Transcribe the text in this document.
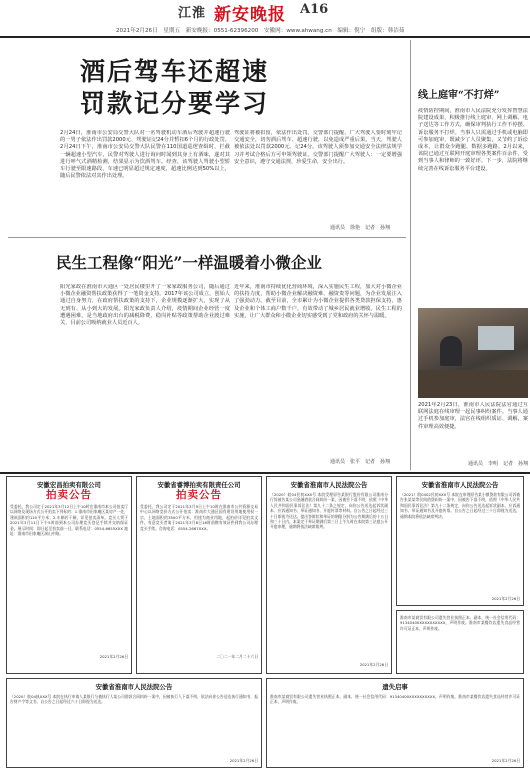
江淮 新安晚报 A16
2021年2月26日　星期五　新安晚报：0551-62396200　安徽网：www.ahwang.cn　编辑：倪宁　组版：韩洁茹
酒后驾车还超速
罚款记分要学习
2月24日，淮南市公安局交警大队对一名驾驶机动车酒后驾驶并超速行驶的一男子依法作出罚款2000元、驾驶证记24分并暂扣6个月的行政处罚。2月24日下午，淮南市公安局交警大队民警在110国道巡逻查缉时，拦截一辆超速小型汽车，民警对驾驶人进行询问时闻到其身上有酒味，遂对其进行呼气式酒精检测，结果显示为饮酒驾车。经查，该驾驶人驾驶小型轿车行驶至限速路段，车速已明显超过规定速度，超速比例达到50%以上，随后民警依法对其作出处理。
驾驶证将被扣留，依法作出处罚。交警部门提醒，广大驾驶人要时刻牢记交通安全，切勿酒后驾车、超速行驶，以免造成严重后果。当天，驾驶人被依法处以罚款2000元、记24分。该驾驶人须参加交通安全法律法规学习并考试合格后方可申领驾驶证。交警部门提醒广大驾驶人：一定要增强安全意识，遵守交通法规，珍爱生命，安全出行。
通讯员　徐艳　记者　孙翔
民生工程像“阳光”一样温暖着小微企业
阳光家政在淮南市大通区一处居民楼里开了一家家政服务公司，随后通过小微企业融资帮扶政策获得了一笔资金支持。2017年该公司成立，创始人通过自身努力，在政府帮扶政策的支持下，企业规模逐渐扩大，实现了从无到有、从小到大的发展。阳光家政负责人介绍，疫情期间企业经营一度遭遇困难，是当地政府出台的减税降费、稳岗补贴等政策帮助企业渡过难关，目前公司吸纳就业人员近百人。
近年来，淮南市持续优化营商环境，深入实施民生工程，加大对小微企业的扶持力度，帮助小微企业解决融资难、融资贵等问题，为企业发展注入了强劲动力。截至目前，全市累计为小微企业提供各类贷款担保支持，惠及企业和个体工商户数千户，有效带动了城乡居民就业增收。民生工程的实施，让广大群众和小微企业切实感受到了党和政府的关怀与温暖。
通讯员　张平　记者　孙翔
线上庭审“不打烊”
疫情防控期间，淮南市人民法院充分发挥智慧法院建设成果，积极推行线上庭审、网上调解、电子送达等工作方式，确保审判执行工作不停摆、诉讼服务不打烊。当事人只需通过手机或电脑即可参加庭审，既减少了人员聚集，又节约了诉讼成本，让群众少跑腿、数据多跑路。2月以来，该院已通过互联网开庭审理各类案件百余件，受到当事人和律师的一致好评。下一步，法院将继续完善在线诉讼服务平台建设。
2021年2月23日，淮南市人民法院法官通过互联网法庭在线审理一起民事纠纷案件。当事人通过手机参加庭审，法官在线组织质证、调解，案件审理高效便捷。
通讯员　李明　记者　孙翔
安徽宏昌拍卖有限公司
拍卖公告
受委托，我公司定于2021年3月12日上午10时在淮南市本公司拍卖厅以网络及现场方式公开拍卖下列标的：1.淮南市田家庵区某房产一处，建筑面积约120平方米；2.车辆若干辆，详见拍卖清单。竞买人须于2021年3月11日下午5时前到本公司办理竞买登记手续并交纳保证金。展示时间：即日起至拍卖前一日。联系电话：0554-6655XXX 地址：淮南市田家庵区洞山中路。
2021年2月26日
安徽省睿博拍卖有限责任公司
拍卖公告
受委托，我公司定于2021年3月9日上午10时在淮南市公共资源交易中心以网络竞价方式公开拍卖：淮南市大通区国有建设用地使用权一宗，土地面积约3500平方米，用途为商业用地，起拍价详见拍卖文件。有意竞买者请于2021年3月8日16时前携有效证件到我公司办理竞买手续。咨询电话：0554-2667XXX。
二〇二一年二月二十六日
安徽省淮南市人民法院公告
（2020）皖04民初XXX号 本院受理原告某银行股份有限公司淮南分行诉被告某公司金融借款合同纠纷一案，因被告下落不明，依照《中华人民共和国民事诉讼法》第九十二条之规定，向你公告送达起诉状副本、应诉通知书、举证通知书、开庭传票等材料。自公告之日起经过三十日即视为送达。提出答辩状和举证的期限分别为公告期满后的十五日和三十日内。本案定于举证期满后第三日上午九时在本院第三法庭公开开庭审理，逾期将依法缺席裁判。
2021年2月26日
安徽省淮南市人民法院公告
（2021）皖0402民初XXX号 本院在审理原告某小额贷款有限公司诉被告张某某等民间借贷纠纷一案中，因被告下落不明，依照《中华人民共和国民事诉讼法》第九十二条规定，向你公告送达起诉状副本、应诉通知书、举证通知书及开庭传票。自公告之日起经过三十日即视为送达，逾期本院将依法缺席判决。
2021年2月26日
安徽省淮南市人民法院公告
（2020）皖04执XXX号 本院在执行申请人某银行与被执行人某公司借款合同纠纷一案中，因被执行人下落不明，依法向你公告送达执行通知书、报告财产令等文书。自公告之日起经过六十日即视为送达。
2021年2月26日
遗失启事
淮南市某商贸有限公司遗失营业执照正本、副本，统一社会信用代码：91340400XXXXXXXXXX，声明作废。淮南市某餐饮店遗失食品经营许可证正本，声明作废。
2021年2月26日
淮南市某商贸有限公司遗失营业执照正本、副本，统一社会信用代码：91340400XXXXXXXXXX，声明作废。淮南市某餐饮店遗失食品经营许可证正本，声明作废。
